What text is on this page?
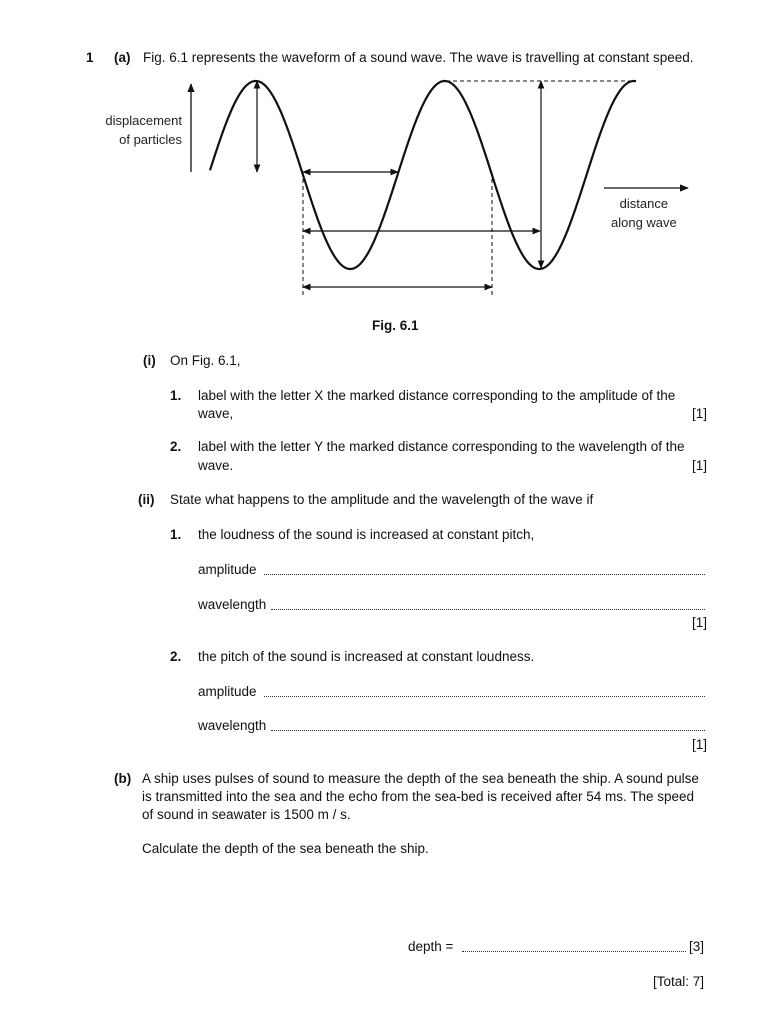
1 (a) Fig. 6.1 represents the waveform of a sound wave. The wave is travelling at constant speed.
displacement
of particles
distance
along wave
Fig. 6.1
(i) On Fig. 6.1,
1. label with the letter X the marked distance corresponding to the amplitude of the
wave,	[1]
2. label with the letter Y the marked distance corresponding to the wavelength of the
wave.	[1]
(ii) State what happens to the amplitude and the wavelength of the wave if
1. the loudness of the sound is increased at constant pitch,
amplitude
wavelength
[1]
2. the pitch of the sound is increased at constant loudness.
amplitude
wavelength
[1]
(b) A ship uses pulses of sound to measure the depth of the sea beneath the ship. A sound pulse
is transmitted into the sea and the echo from the sea-bed is received after 54 ms. The speed
of sound in seawater is 1500 m / s.
Calculate the depth of the sea beneath the ship.
depth =	[3]
[Total: 7]
